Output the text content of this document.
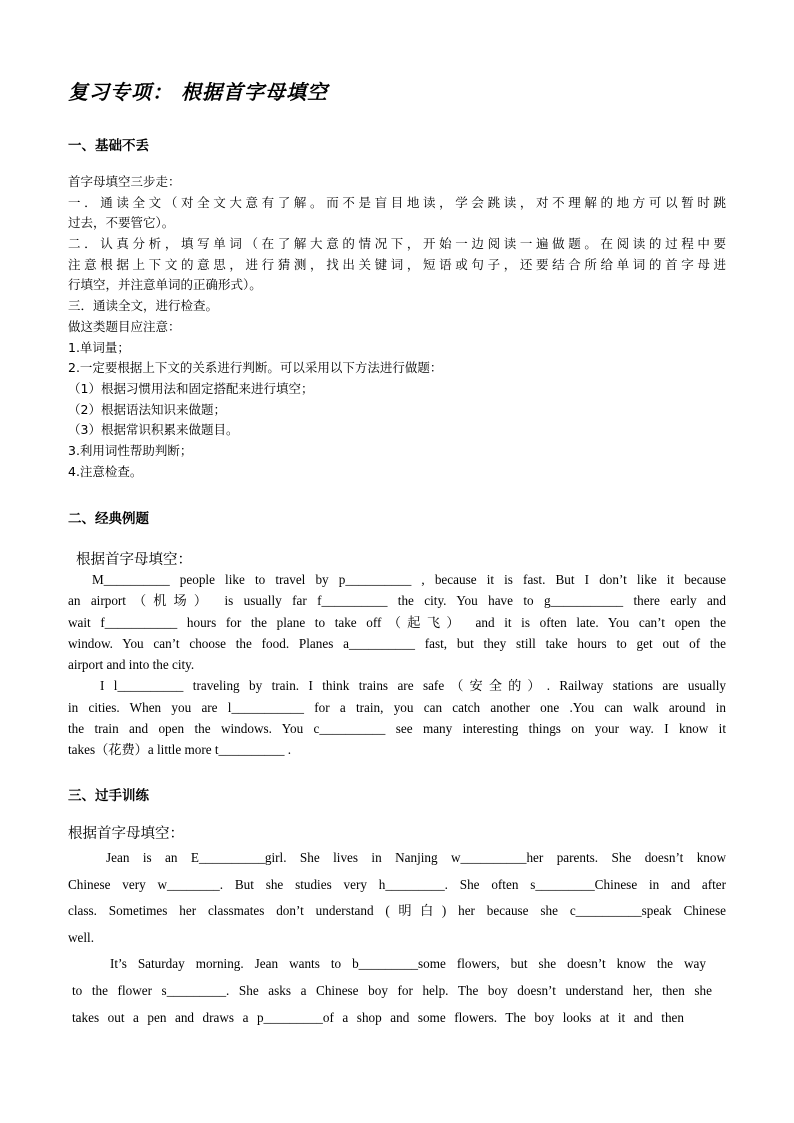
复习专项： 根据首字母填空
一、基础不丢
首字母填空三步走：
一．通读全文（对全文大意有了解。而不是盲目地读，学会跳读，对不理解的地方可以暂时跳
过去，不要管它）。
二．认真分析，填写单词（在了解大意的情况下，开始一边阅读一遍做题。在阅读的过程中要
注意根据上下文的意思，进行猜测，找出关键词，短语或句子，还要结合所给单词的首字母进
行填空，并注意单词的正确形式）。
三．通读全文，进行检查。
做这类题目应注意：
1.单词量；
2.一定要根据上下文的关系进行判断。可以采用以下方法进行做题：
（1）根据习惯用法和固定搭配来进行填空；
（2）根据语法知识来做题；
（3）根据常识积累来做题目。
3.利用词性帮助判断；
4.注意检查。
二、经典例题
根据首字母填空：
M__________ people like to travel by p__________ , because it is fast. But I don’t like it because
an airport（机场） is usually far f__________ the city. You have to g___________ there early and
wait f___________ hours for the plane to take off（起飞） and it is often late. You can’t open the
window. You can’t choose the food. Planes a__________ fast, but they still take hours to get out of the
airport and into the city.
I l__________ traveling by train. I think trains are safe（安全的）. Railway stations are usually
in cities. When you are l___________ for a train, you can catch another one .You can walk around in
the train and open the windows. You c__________ see many interesting things on your way. I know it
takes（花费）a little more t__________ .
三、过手训练
根据首字母填空：
Jean is an E__________girl. She lives in Nanjing w__________her parents. She doesn’t know
Chinese very w________. But she studies very h_________. She often s_________Chinese in and after
class. Sometimes her classmates don’t understand (明白) her because she c__________speak Chinese
well.
It’s Saturday morning. Jean wants to b_________some flowers, but she doesn’t know the way
to the flower s_________. She asks a Chinese boy for help. The boy doesn’t understand her, then she
takes out a pen and draws a p_________of a shop and some flowers. The boy looks at it and then
